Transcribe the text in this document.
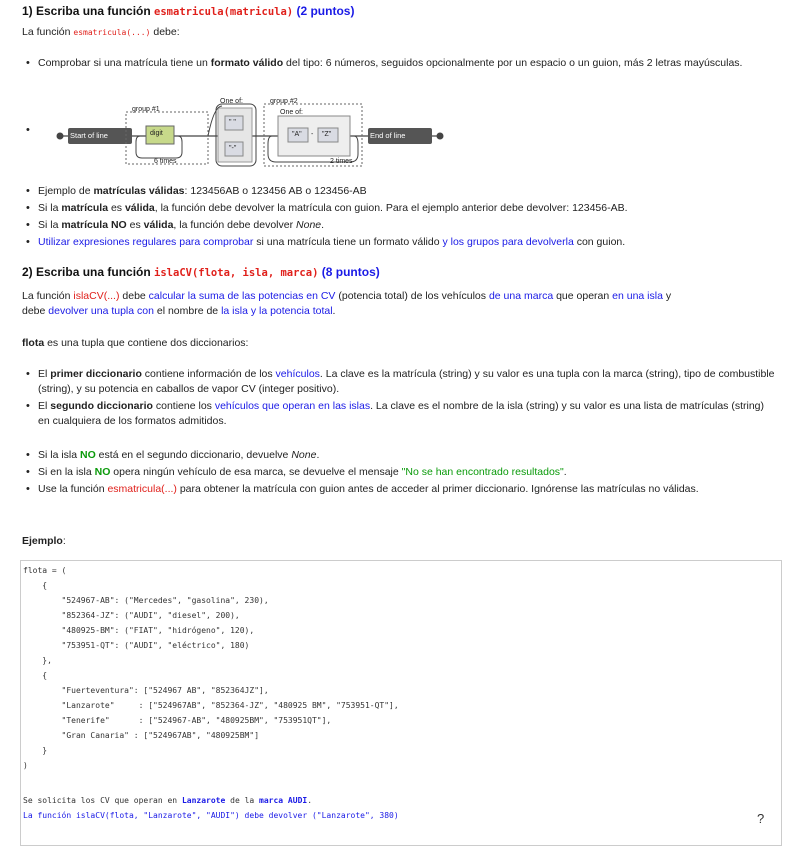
1) Escriba una función esmatricula(matricula) (2 puntos)

La función esmatricula(...) debe:

• Comprobar si una matrícula tiene un formato válido del tipo: 6 números, seguidos opcionalmente por un espacio o un guion, más 2 letras mayúsculas.
•	Start of line
group #1
digit
6 times
One of:
" "
"-"
group #2
One of:
"A" - "Z"
2 times
End of line
• Ejemplo de matrículas válidas: 123456AB o 123456 AB o 123456-AB
• Si la matrícula es válida, la función debe devolver la matrícula con guion. Para el ejemplo anterior debe devolver: 123456-AB.
• Si la matrícula NO es válida, la función debe devolver None.
• Utilizar expresiones regulares para comprobar si una matrícula tiene un formato válido y los grupos para devolverla con guion.
2) Escriba una función islaCV(flota, isla, marca) (8 puntos)

La función islaCV(...) debe calcular la suma de las potencias en CV (potencia total) de los vehículos de una marca que operan en una isla y
debe devolver una tupla con el nombre de la isla y la potencia total.

flota es una tupla que contiene dos diccionarios:

• El primer diccionario contiene información de los vehículos. La clave es la matrícula (string) y su valor es una tupla con la marca (string), tipo de combustible (string), y su potencia en caballos de vapor CV (integer positivo).
• El segundo diccionario contiene los vehículos que operan en las islas. La clave es el nombre de la isla (string) y su valor es una lista de matrículas (string) en cualquiera de los formatos admitidos.
• Si la isla NO está en el segundo diccionario, devuelve None.
• Si en la isla NO opera ningún vehículo de esa marca, se devuelve el mensaje "No se han encontrado resultados".
• Use la función esmatricula(...) para obtener la matrícula con guion antes de acceder al primer diccionario. Ignórense las matrículas no válidas.

Ejemplo:

flota = (
{
"524967-AB": ("Mercedes", "gasolina", 230),
"852364-JZ": ("AUDI", "diesel", 200),
"480925-BM": ("FIAT", "hidrógeno", 120),
"753951-QT": ("AUDI", "eléctrico", 180)
},
{
"Fuerteventura": ["524967 AB", "852364JZ"],
"Lanzarote"     : ["524967AB", "852364-JZ", "480925 BM", "753951-QT"],
"Tenerife"      : ["524967-AB", "480925BM", "753951QT"],
"Gran Canaria" : ["524967AB", "480925BM"]
}
)
Se solicita los CV que operan en Lanzarote de la marca AUDI.
La función islaCV(flota, "Lanzarote", "AUDI") debe devolver ("Lanzarote", 380)	?
